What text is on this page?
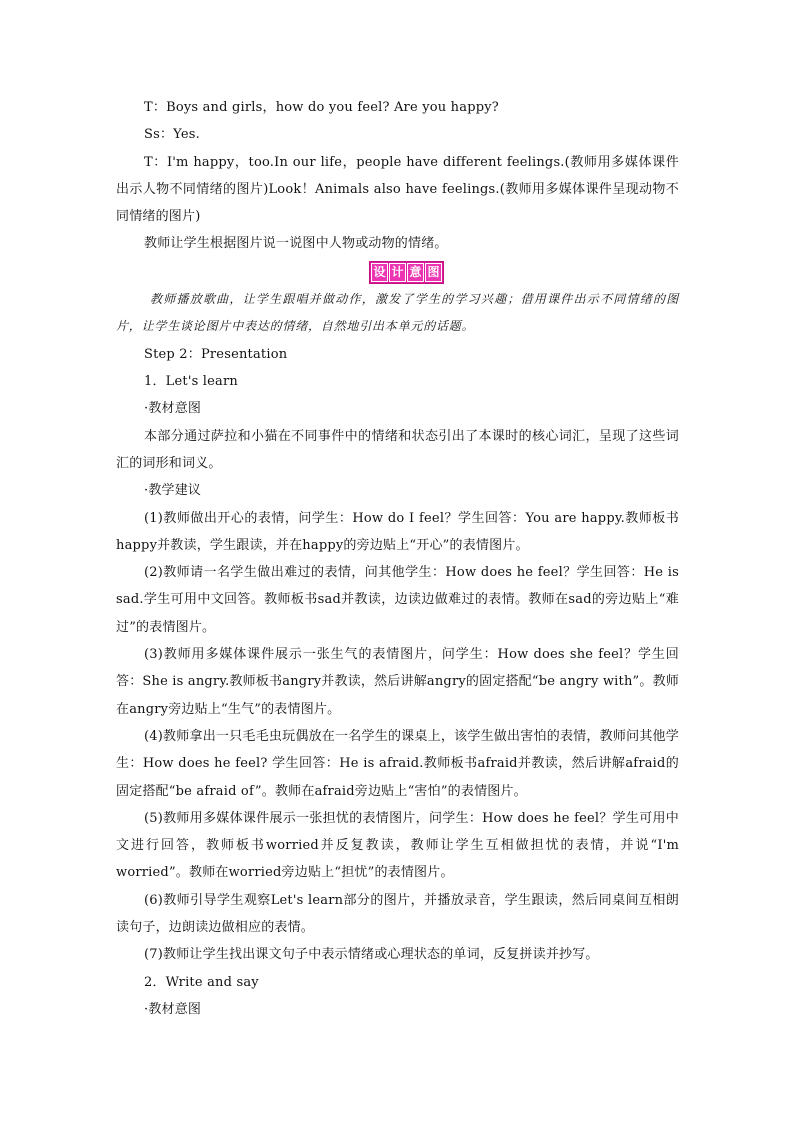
T：Boys and girls，how do you feel? Are you happy?

Ss：Yes.

T：I'm happy，too.In our life，people have different feelings.(教师用多媒体课件出示人物不同情绪的图片)Look！Animals also have feelings.(教师用多媒体课件呈现动物不同情绪的图片)

教师让学生根据图片说一说图中人物或动物的情绪。

设 计 意 图

教师播放歌曲，让学生跟唱并做动作，激发了学生的学习兴趣；借用课件出示不同情绪的图片，让学生谈论图片中表达的情绪，自然地引出本单元的话题。

Step 2：Presentation

1．Let's learn

·教材意图

本部分通过萨拉和小猫在不同事件中的情绪和状态引出了本课时的核心词汇，呈现了这些词汇的词形和词义。

·教学建议

(1)教师做出开心的表情，问学生：How do I feel？学生回答：You are happy.教师板书happy并教读，学生跟读，并在happy的旁边贴上“开心”的表情图片。

(2)教师请一名学生做出难过的表情，问其他学生：How does he feel？学生回答：He is sad.学生可用中文回答。教师板书sad并教读，边读边做难过的表情。教师在sad的旁边贴上“难过”的表情图片。

(3)教师用多媒体课件展示一张生气的表情图片，问学生：How does she feel？学生回答：She is angry.教师板书angry并教读，然后讲解angry的固定搭配“be angry with”。教师在angry旁边贴上“生气”的表情图片。

(4)教师拿出一只毛毛虫玩偶放在一名学生的课桌上，该学生做出害怕的表情，教师问其他学生：How does he feel? 学生回答：He is afraid.教师板书afraid并教读，然后讲解afraid的固定搭配“be afraid of”。教师在afraid旁边贴上“害怕”的表情图片。

(5)教师用多媒体课件展示一张担忧的表情图片，问学生：How does he feel？学生可用中文进行回答，教师板书worried并反复教读，教师让学生互相做担忧的表情，并说“I'm worried”。教师在worried旁边贴上“担忧”的表情图片。

(6)教师引导学生观察Let's learn部分的图片，并播放录音，学生跟读，然后同桌间互相朗读句子，边朗读边做相应的表情。

(7)教师让学生找出课文句子中表示情绪或心理状态的单词，反复拼读并抄写。

2．Write and say

·教材意图
